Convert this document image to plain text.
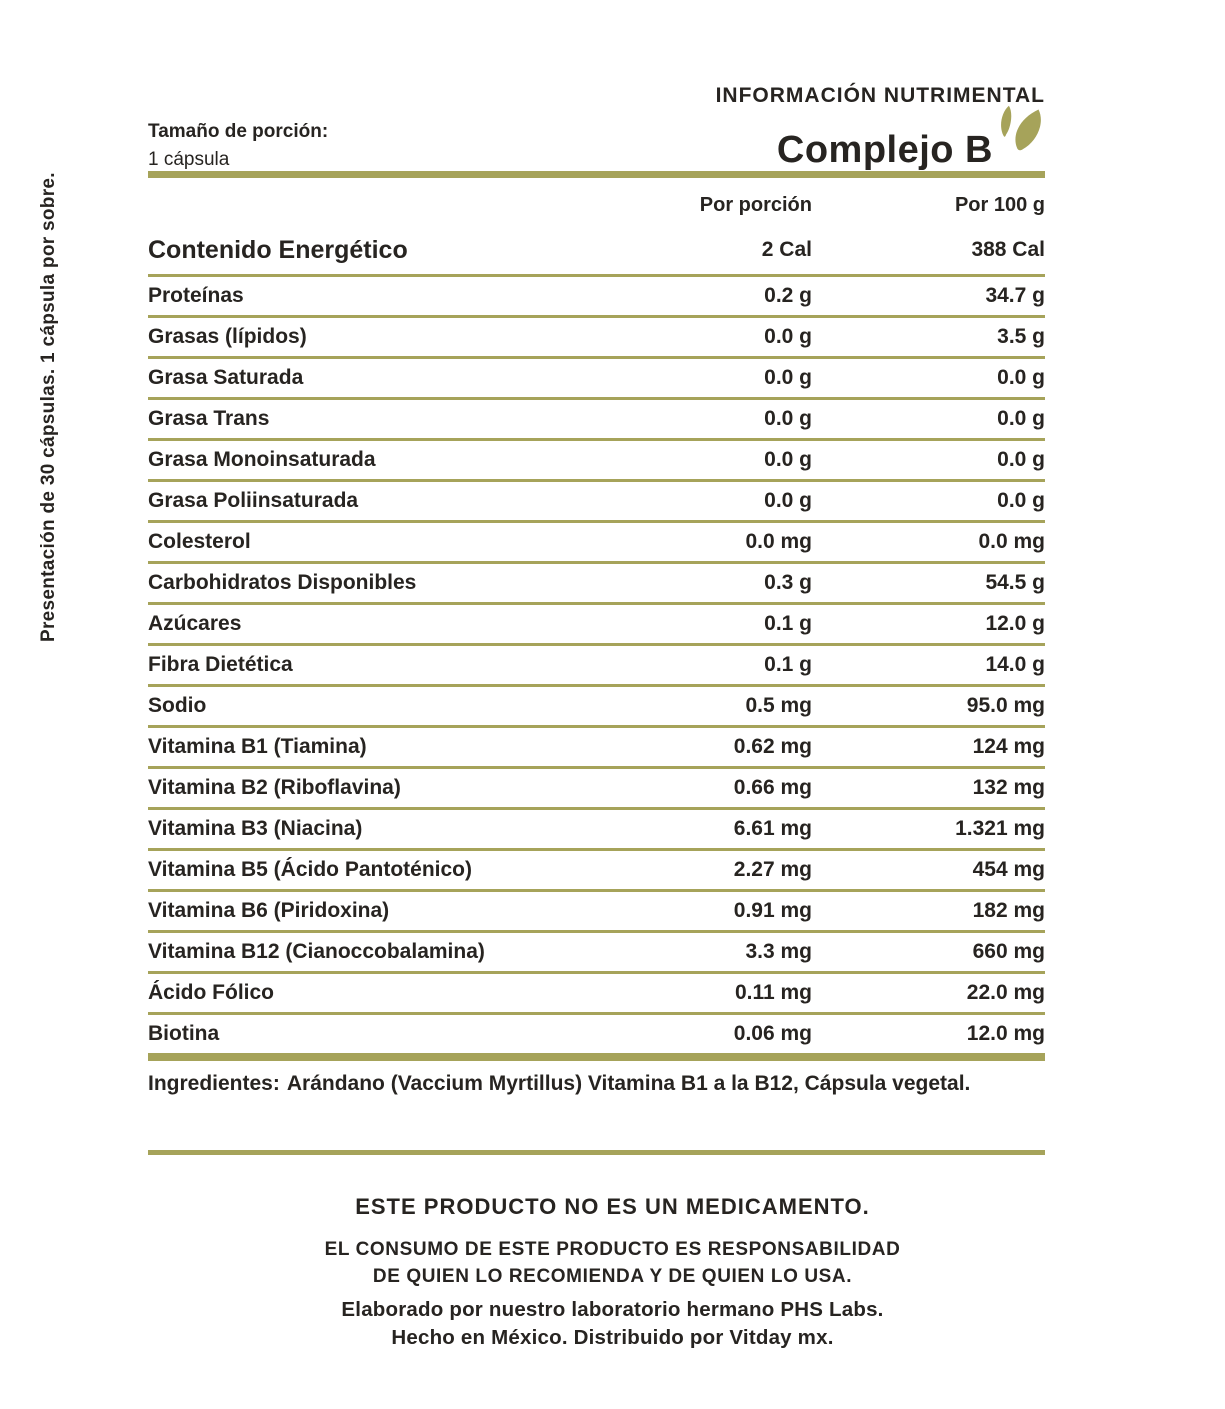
Presentación de 30 cápsulas. 1 cápsula por sobre.
INFORMACIÓN NUTRIMENTAL
Tamaño de porción:
1 cápsula	Complejo B
Por porción	Por 100 g
Contenido Energético	2 Cal	388 Cal
Proteínas	0.2 g	34.7 g
Grasas (lípidos)	0.0 g	3.5 g
Grasa Saturada	0.0 g	0.0 g
Grasa Trans	0.0 g	0.0 g
Grasa Monoinsaturada	0.0 g	0.0 g
Grasa Poliinsaturada	0.0 g	0.0 g
Colesterol	0.0 mg	0.0 mg
Carbohidratos Disponibles	0.3 g	54.5 g
Azúcares	0.1 g	12.0 g
Fibra Dietética	0.1 g	14.0 g
Sodio	0.5 mg	95.0 mg
Vitamina B1 (Tiamina)	0.62 mg	124 mg
Vitamina B2 (Riboflavina)	0.66 mg	132 mg
Vitamina B3 (Niacina)	6.61 mg	1.321 mg
Vitamina B5 (Ácido Pantoténico)	2.27 mg	454 mg
Vitamina B6 (Piridoxina)	0.91 mg	182 mg
Vitamina B12 (Cianoccobalamina)	3.3 mg	660 mg
Ácido Fólico	0.11 mg	22.0 mg
Biotina	0.06 mg	12.0 mg
Ingredientes: Arándano (Vaccium Myrtillus) Vitamina B1 a la B12, Cápsula vegetal.
ESTE PRODUCTO NO ES UN MEDICAMENTO.
EL CONSUMO DE ESTE PRODUCTO ES RESPONSABILIDAD
DE QUIEN LO RECOMIENDA Y DE QUIEN LO USA.
Elaborado por nuestro laboratorio hermano PHS Labs.
Hecho en México. Distribuido por Vitday mx.
